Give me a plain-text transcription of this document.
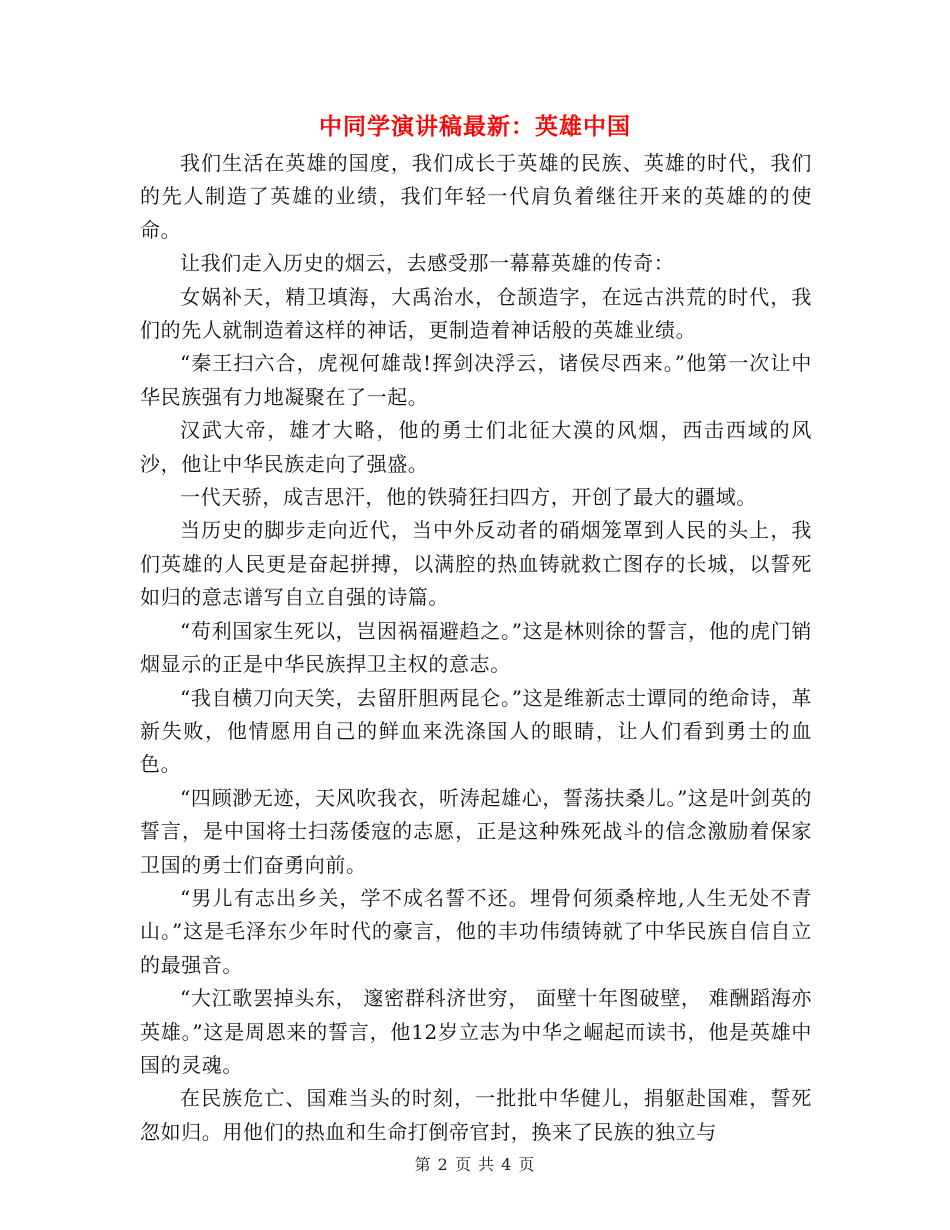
中同学演讲稿最新：英雄中国

我们生活在英雄的国度，我们成长于英雄的民族、英雄的时代，我们的先人制造了英雄的业绩，我们年轻一代肩负着继往开来的英雄的的使命。

让我们走入历史的烟云，去感受那一幕幕英雄的传奇：

女娲补天，精卫填海，大禹治水，仓颉造字，在远古洪荒的时代，我们的先人就制造着这样的神话，更制造着神话般的英雄业绩。

“秦王扫六合，虎视何雄哉!挥剑决浮云，诸侯尽西来。”他第一次让中华民族强有力地凝聚在了一起。

汉武大帝，雄才大略，他的勇士们北征大漠的风烟，西击西域的风沙，他让中华民族走向了强盛。

一代天骄，成吉思汗，他的铁骑狂扫四方，开创了最大的疆域。

当历史的脚步走向近代，当中外反动者的硝烟笼罩到人民的头上，我们英雄的人民更是奋起拼搏，以满腔的热血铸就救亡图存的长城，以誓死如归的意志谱写自立自强的诗篇。

“苟利国家生死以，岂因祸福避趋之。”这是林则徐的誓言，他的虎门销烟显示的正是中华民族捍卫主权的意志。

“我自横刀向天笑，去留肝胆两昆仑。”这是维新志士谭同的绝命诗，革新失败，他情愿用自己的鲜血来洗涤国人的眼睛，让人们看到勇士的血色。

“四顾渺无迹，天风吹我衣，听涛起雄心，誓荡扶桑儿。”这是叶剑英的誓言，是中国将士扫荡倭寇的志愿，正是这种殊死战斗的信念激励着保家卫国的勇士们奋勇向前。

“男儿有志出乡关，学不成名誓不还。埋骨何须桑梓地,人生无处不青山。”这是毛泽东少年时代的豪言，他的丰功伟绩铸就了中华民族自信自立的最强音。

“大江歌罢掉头东， 邃密群科济世穷， 面壁十年图破壁， 难酬蹈海亦英雄。”这是周恩来的誓言，他12岁立志为中华之崛起而读书，他是英雄中国的灵魂。

在民族危亡、国难当头的时刻，一批批中华健儿，捐躯赴国难，誓死忽如归。用他们的热血和生命打倒帝官封，换来了民族的独立与

第 2 页 共 4 页
